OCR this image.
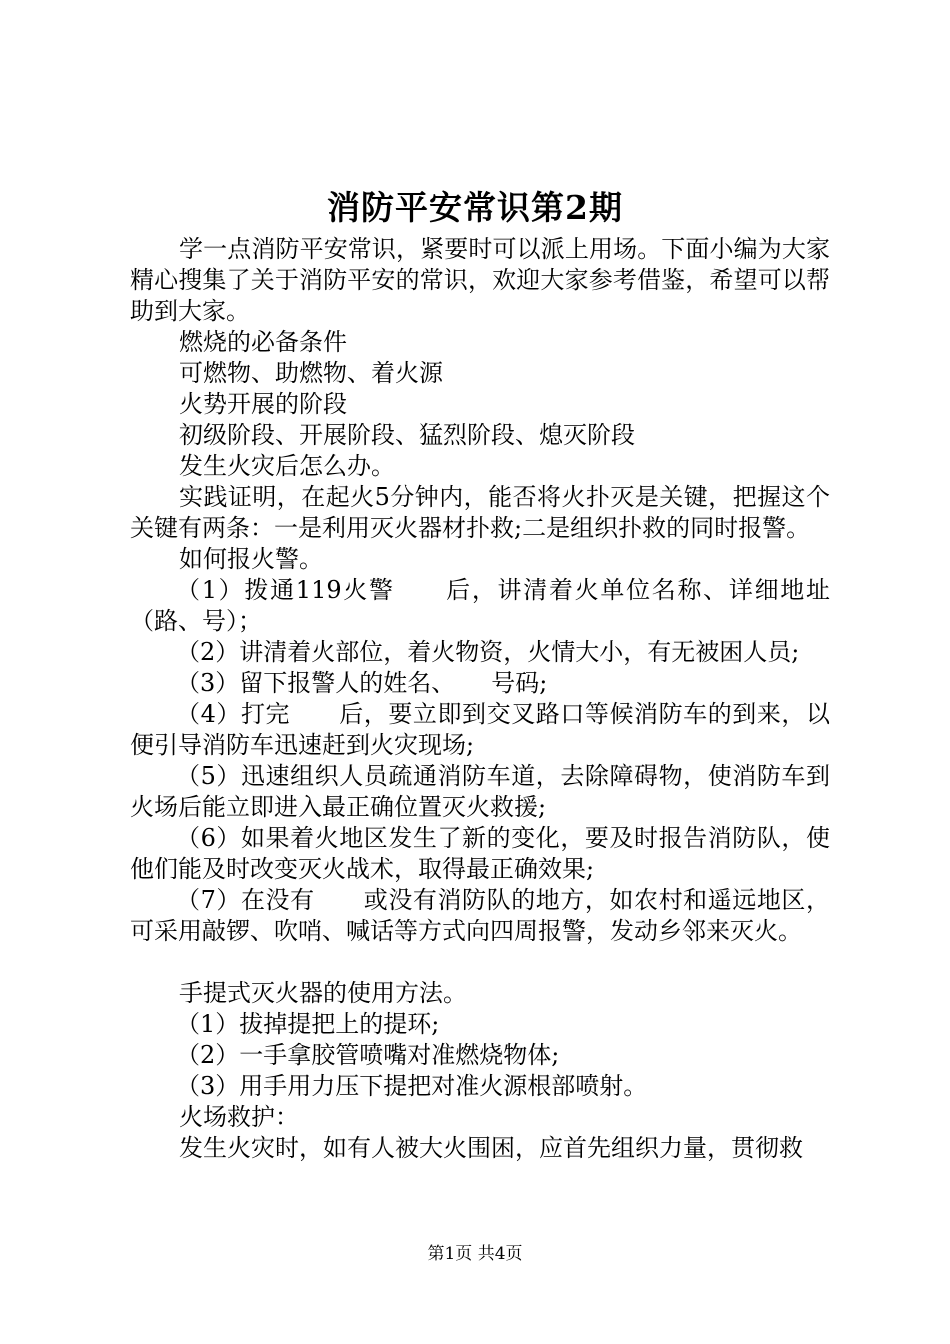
消防平安常识第2期

学一点消防平安常识，紧要时可以派上用场。下面小编为大家精心搜集了关于消防平安的常识，欢迎大家参考借鉴，希望可以帮助到大家。

燃烧的必备条件

可燃物、助燃物、着火源

火势开展的阶段

初级阶段、开展阶段、猛烈阶段、熄灭阶段

发生火灾后怎么办。

实践证明，在起火5分钟内，能否将火扑灭是关键，把握这个关键有两条：一是利用灭火器材扑救;二是组织扑救的同时报警。

如何报火警。

（1）拨通119火警　　后，讲清着火单位名称、详细地址（路、号）；

（2）讲清着火部位，着火物资，火情大小，有无被困人员;

（3）留下报警人的姓名、　　号码;

（4）打完　　后，要立即到交叉路口等候消防车的到来，以便引导消防车迅速赶到火灾现场;

（5）迅速组织人员疏通消防车道，去除障碍物，使消防车到火场后能立即进入最正确位置灭火救援;

（6）如果着火地区发生了新的变化，要及时报告消防队，使他们能及时改变灭火战术，取得最正确效果;

（7）在没有　　或没有消防队的地方，如农村和遥远地区，可采用敲锣、吹哨、喊话等方式向四周报警，发动乡邻来灭火。

手提式灭火器的使用方法。

（1）拔掉提把上的提环;

（2）一手拿胶管喷嘴对准燃烧物体;

（3）用手用力压下提把对准火源根部喷射。

火场救护：

发生火灾时，如有人被大火围困，应首先组织力量，贯彻救

第1页 共4页
